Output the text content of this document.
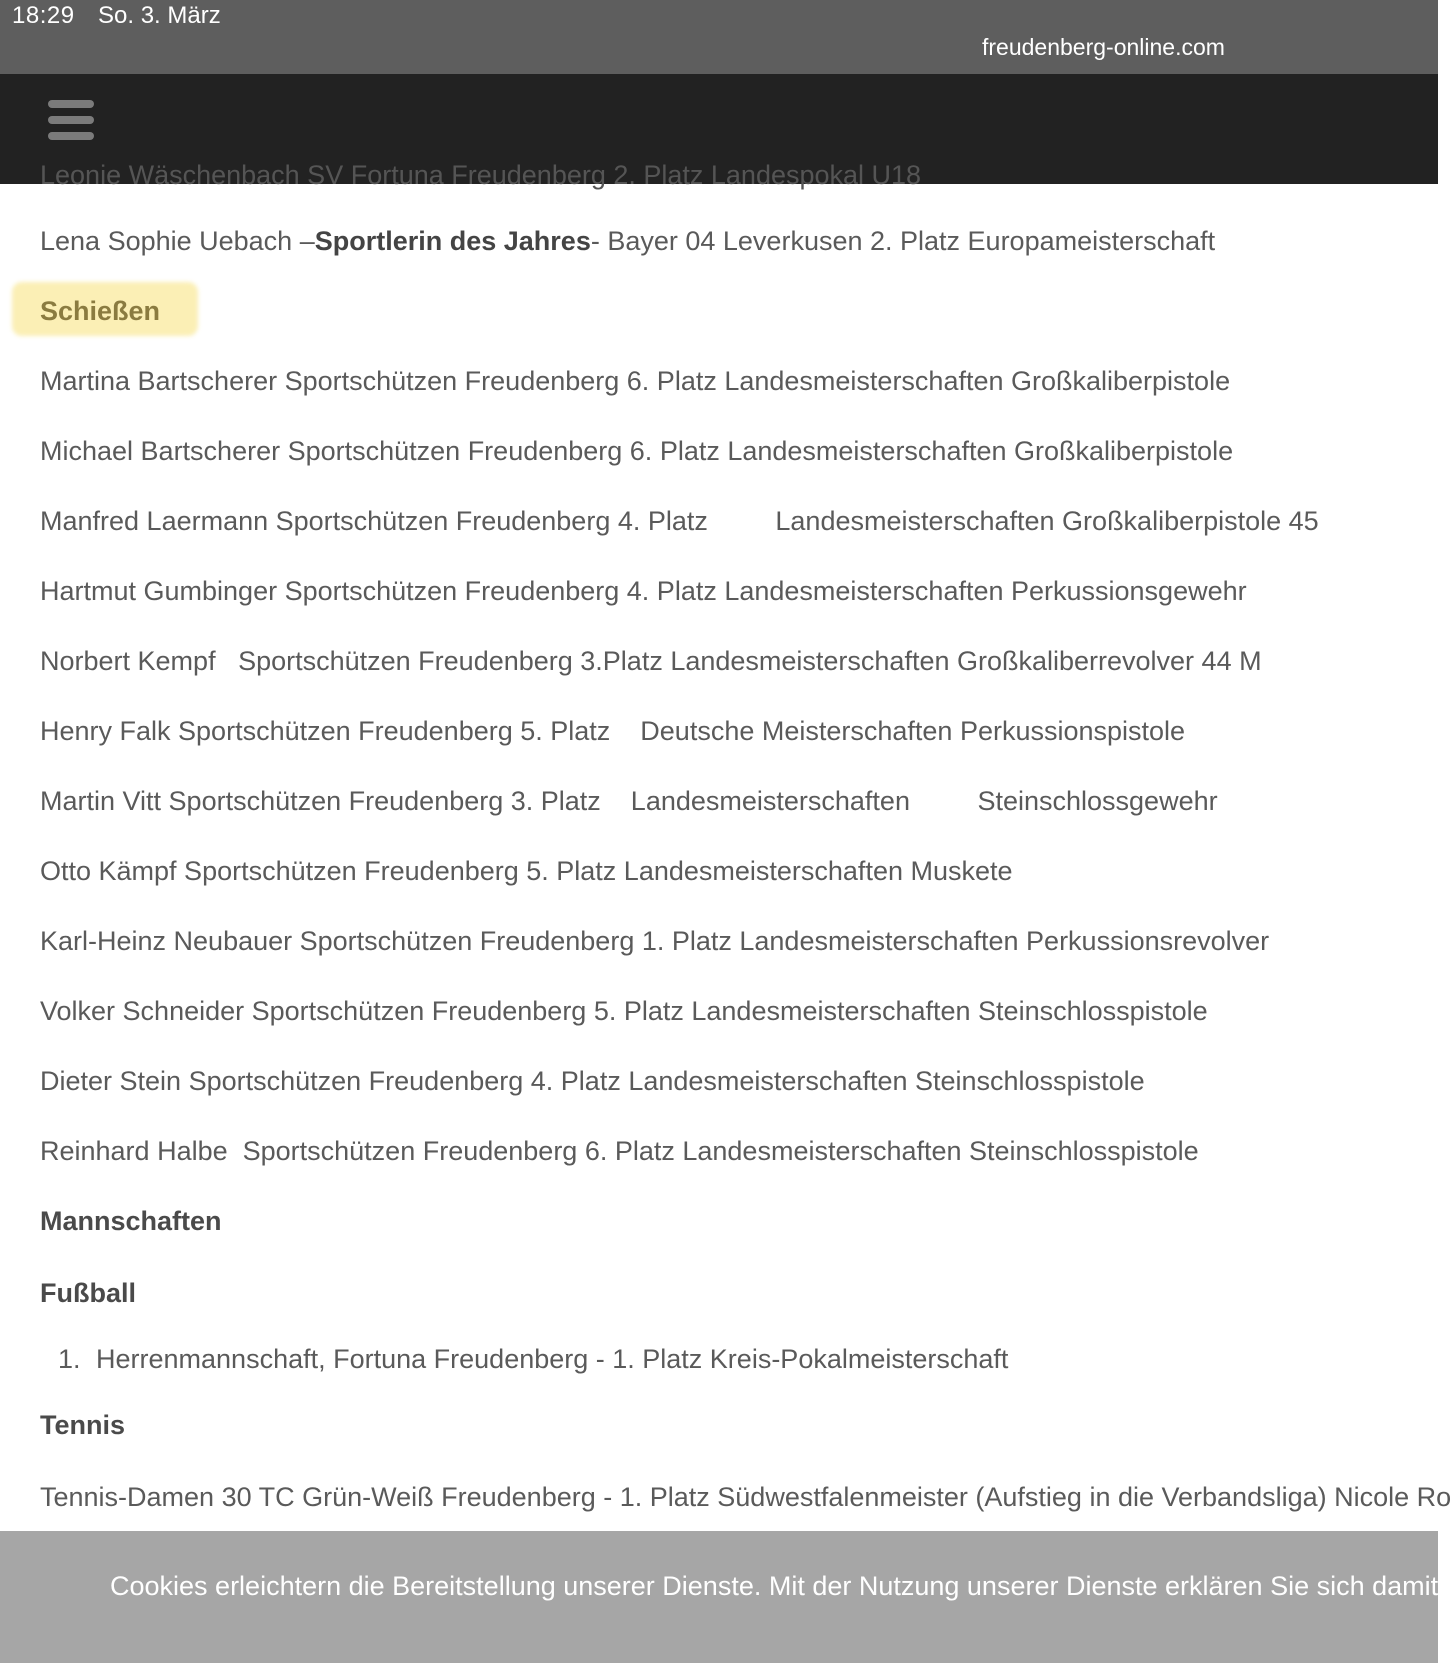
18:29 So. 3. März
freudenberg-online.com
Leonie Wäschenbach SV Fortuna Freudenberg 2. Platz Landespokal U18
Lena Sophie Uebach –Sportlerin des Jahres- Bayer 04 Leverkusen 2. Platz Europameisterschaft
Schießen
Martina Bartscherer Sportschützen Freudenberg 6. Platz Landesmeisterschaften Großkaliberpistole
Michael Bartscherer Sportschützen Freudenberg 6. Platz Landesmeisterschaften Großkaliberpistole
Manfred Laermann Sportschützen Freudenberg 4. Platz         Landesmeisterschaften Großkaliberpistole 45
Hartmut Gumbinger Sportschützen Freudenberg 4. Platz Landesmeisterschaften Perkussionsgewehr
Norbert Kempf   Sportschützen Freudenberg 3.Platz Landesmeisterschaften Großkaliberrevolver 44 M
Henry Falk Sportschützen Freudenberg 5. Platz    Deutsche Meisterschaften Perkussionspistole
Martin Vitt Sportschützen Freudenberg 3. Platz    Landesmeisterschaften         Steinschlossgewehr
Otto Kämpf Sportschützen Freudenberg 5. Platz Landesmeisterschaften Muskete
Karl-Heinz Neubauer Sportschützen Freudenberg 1. Platz Landesmeisterschaften Perkussionsrevolver
Volker Schneider Sportschützen Freudenberg 5. Platz Landesmeisterschaften Steinschlosspistole
Dieter Stein Sportschützen Freudenberg 4. Platz Landesmeisterschaften Steinschlosspistole
Reinhard Halbe  Sportschützen Freudenberg 6. Platz Landesmeisterschaften Steinschlosspistole
Mannschaften
Fußball
1. Herrenmannschaft, Fortuna Freudenberg - 1. Platz Kreis-Pokalmeisterschaft
Tennis
Tennis-Damen 30 TC Grün-Weiß Freudenberg - 1. Platz Südwestfalenmeister (Aufstieg in die Verbandsliga) Nicole Ro
Cookies erleichtern die Bereitstellung unserer Dienste. Mit der Nutzung unserer Dienste erklären Sie sich damit
